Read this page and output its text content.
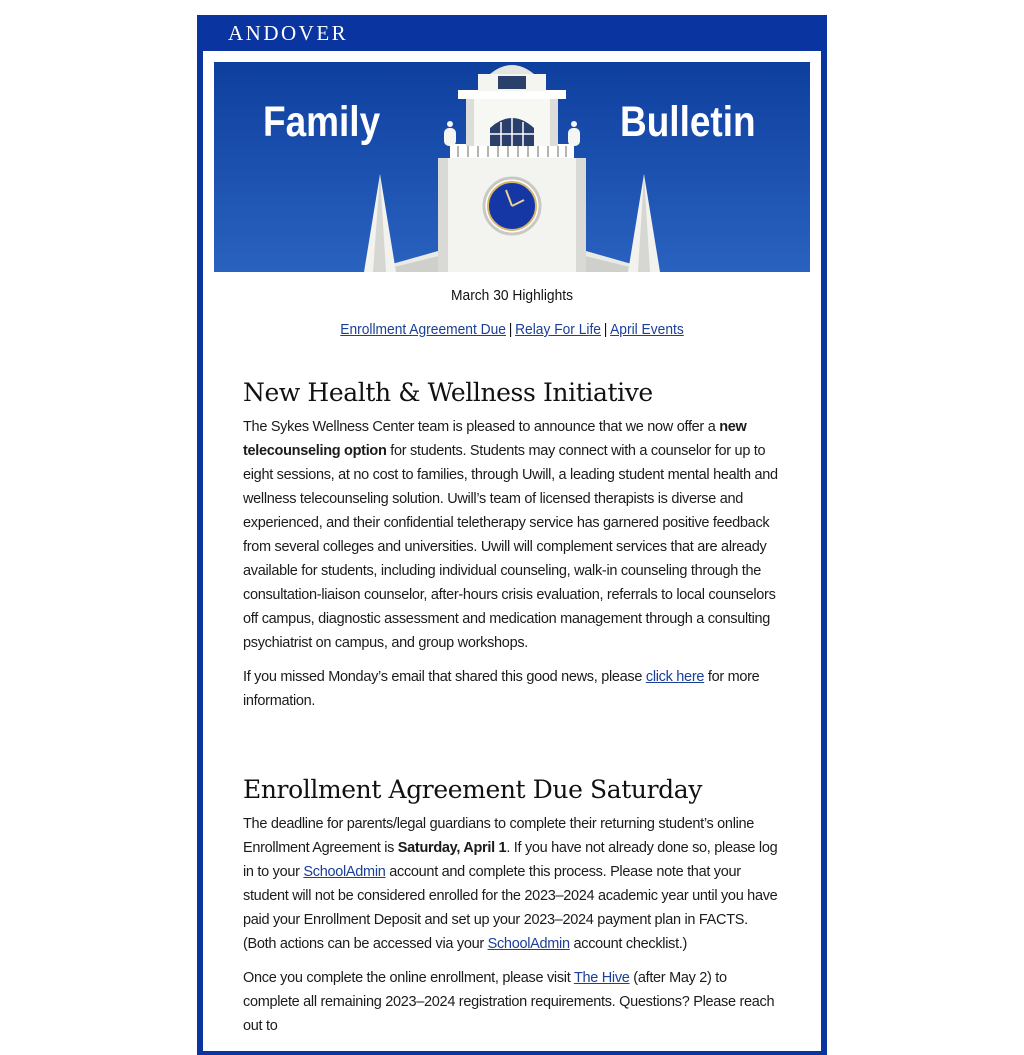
ANDOVER
Family	Bulletin
March 30 Highlights
Enrollment Agreement Due | Relay For Life | April Events
New Health & Wellness Initiative

The Sykes Wellness Center team is pleased to announce that we now offer a new telecounseling option for students. Students may connect with a counselor for up to eight sessions, at no cost to families, through Uwill, a leading student mental health and wellness telecounseling solution. Uwill’s team of licensed therapists is diverse and experienced, and their confidential teletherapy service has garnered positive feedback from several colleges and universities. Uwill will complement services that are already available for students, including individual counseling, walk-in counseling through the consultation-liaison counselor, after-hours crisis evaluation, referrals to local counselors off campus, diagnostic assessment and medication management through a consulting psychiatrist on campus, and group workshops.

If you missed Monday’s email that shared this good news, please click here for more information.

Enrollment Agreement Due Saturday

The deadline for parents/legal guardians to complete their returning student’s online Enrollment Agreement is Saturday, April 1. If you have not already done so, please log in to your SchoolAdmin account and complete this process. Please note that your student will not be considered enrolled for the 2023–2024 academic year until you have paid your Enrollment Deposit and set up your 2023–2024 payment plan in FACTS. (Both actions can be accessed via your SchoolAdmin account checklist.)

Once you complete the online enrollment, please visit The Hive (after May 2) to complete all remaining 2023–2024 registration requirements. Questions? Please reach out to
